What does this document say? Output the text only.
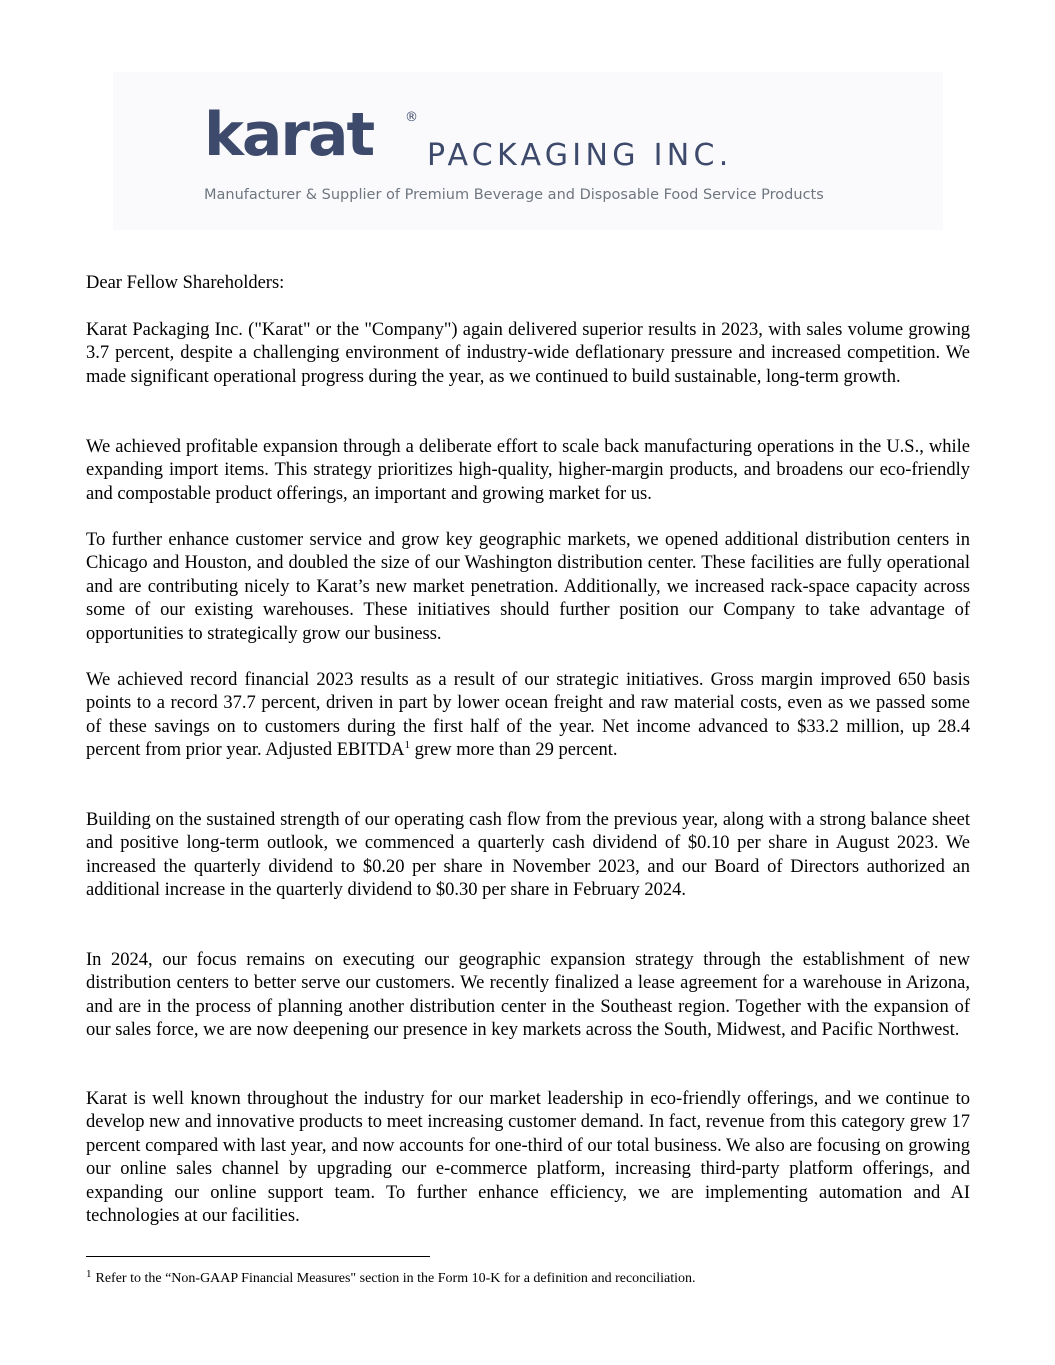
karat ®
PACKAGING INC.
Manufacturer & Supplier of Premium Beverage and Disposable Food Service Products

Dear Fellow Shareholders:

Karat Packaging Inc. ("Karat" or the "Company") again delivered superior results in 2023, with sales volume growing 3.7 percent, despite a challenging environment of industry-wide deflationary pressure and increased competition. We made significant operational progress during the year, as we continued to build sustainable, long-term growth.

We achieved profitable expansion through a deliberate effort to scale back manufacturing operations in the U.S., while expanding import items. This strategy prioritizes high-quality, higher-margin products, and broadens our eco-friendly and compostable product offerings, an important and growing market for us.

To further enhance customer service and grow key geographic markets, we opened additional distribution centers in Chicago and Houston, and doubled the size of our Washington distribution center. These facilities are fully operational and are contributing nicely to Karat’s new market penetration. Additionally, we increased rack-space capacity across some of our existing warehouses. These initiatives should further position our Company to take advantage of opportunities to strategically grow our business.

We achieved record financial 2023 results as a result of our strategic initiatives. Gross margin improved 650 basis points to a record 37.7 percent, driven in part by lower ocean freight and raw material costs, even as we passed some of these savings on to customers during the first half of the year. Net income advanced to $33.2 million, up 28.4 percent from prior year. Adjusted EBITDA$^1$ grew more than 29 percent.

Building on the sustained strength of our operating cash flow from the previous year, along with a strong balance sheet and positive long-term outlook, we commenced a quarterly cash dividend of $0.10 per share in August 2023. We increased the quarterly dividend to $0.20 per share in November 2023, and our Board of Directors authorized an additional increase in the quarterly dividend to $0.30 per share in February 2024.

In 2024, our focus remains on executing our geographic expansion strategy through the establishment of new distribution centers to better serve our customers. We recently finalized a lease agreement for a warehouse in Arizona, and are in the process of planning another distribution center in the Southeast region. Together with the expansion of our sales force, we are now deepening our presence in key markets across the South, Midwest, and Pacific Northwest.

Karat is well known throughout the industry for our market leadership in eco-friendly offerings, and we continue to develop new and innovative products to meet increasing customer demand. In fact, revenue from this category grew 17 percent compared with last year, and now accounts for one-third of our total business. We also are focusing on growing our online sales channel by upgrading our e-commerce platform, increasing third-party platform offerings, and expanding our online support team. To further enhance efficiency, we are implementing automation and AI technologies at our facilities.

$^1$ Refer to the “Non-GAAP Financial Measures" section in the Form 10-K for a definition and reconciliation.
